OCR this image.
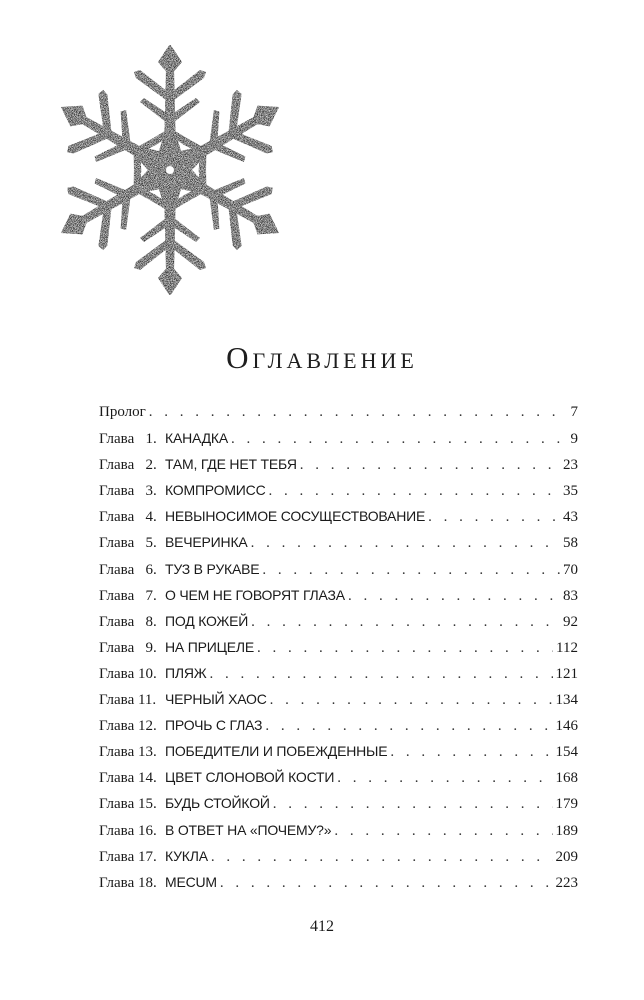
Оглавление
Пролог . . .	7
Глава   1. КАНАДКА . . .	9
Глава   2. ТАМ, ГДЕ НЕТ ТЕБЯ . . .	23
Глава   3. КОМПРОМИСС . . .	35
Глава   4. НЕВЫНОСИМОЕ СОСУЩЕСТВОВАНИЕ . . .	43
Глава   5. ВЕЧЕРИНКА . . .	58
Глава   6. ТУЗ В РУКАВЕ . . .	70
Глава   7. О ЧЕМ НЕ ГОВОРЯТ ГЛАЗА . . .	83
Глава   8. ПОД КОЖЕЙ . . .	92
Глава   9. НА ПРИЦЕЛЕ . . .	112
Глава 10. ПЛЯЖ . . .	121
Глава 11. ЧЕРНЫЙ ХАОС . . .	134
Глава 12. ПРОЧЬ С ГЛАЗ . . .	146
Глава 13. ПОБЕДИТЕЛИ И ПОБЕЖДЕННЫЕ . . .	154
Глава 14. ЦВЕТ СЛОНОВОЙ КОСТИ . . .	168
Глава 15. БУДЬ СТОЙКОЙ . . .	179
Глава 16. В ОТВЕТ НА «ПОЧЕМУ?» . . .	189
Глава 17. КУКЛА . . .	209
Глава 18. MECUM . . .	223
412
